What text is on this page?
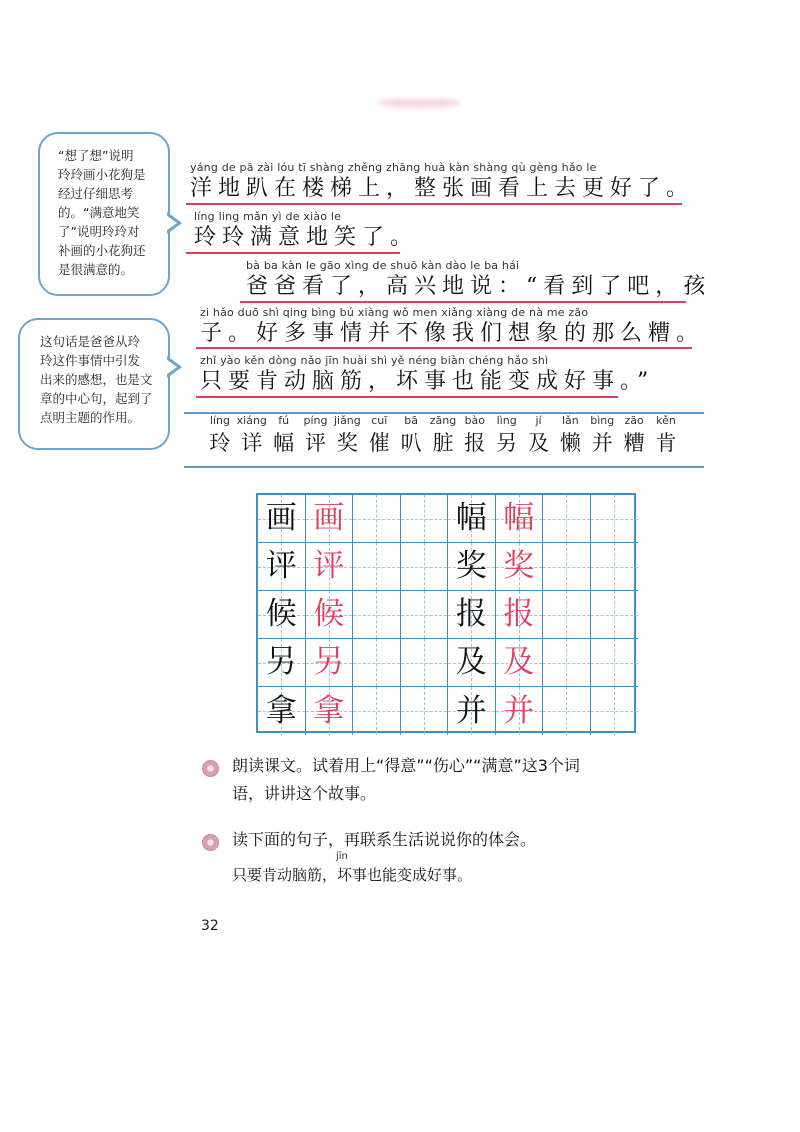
“想了想”说明
玲玲画小花狗是
经过仔细思考
的。“满意地笑
了”说明玲玲对
补画的小花狗还
是很满意的。
这句话是爸爸从玲
玲这件事情中引发
出来的感想，也是文
章的中心句，起到了
点明主题的作用。
yáng de pā zài lóu tī shàng zhěng zhāng huà kàn shàng qù gèng hǎo le
洋地趴在楼梯上，整张画看上去更好了。
líng ling mǎn yì de xiào le
玲玲满意地笑了。
bà ba kàn le gāo xìng de shuō kàn dào le ba hái
爸爸看了，高兴地说：“看到了吧，孩
zi hǎo duō shì qing bìng bú xiàng wǒ men xiǎng xiàng de nà me zāo
子。好多事情并不像我们想象的那么糟。
zhǐ yào kěn dòng nǎo jīn huài shì yě néng biàn chéng hǎo shì
只要肯动脑筋，坏事也能变成好事。”
líng xiáng	fú	píng jiǎng cuī	bā	zāng bào	lìng	jí	lǎn	bìng zāo	kěn
玲 详 幅 评 奖 催 叭 脏 报 另 及 懒 并 糟 肯
画 画	幅 幅
评 评	奖 奖
候 候	报 报
另 另	及 及
拿 拿	并 并
朗读课文。试着用上“得意”“伤心”“满意”这3个词
语，讲讲这个故事。
读下面的句子，再联系生活说说你的体会。
jīn
只要肯动脑筋，坏事也能变成好事。
32
